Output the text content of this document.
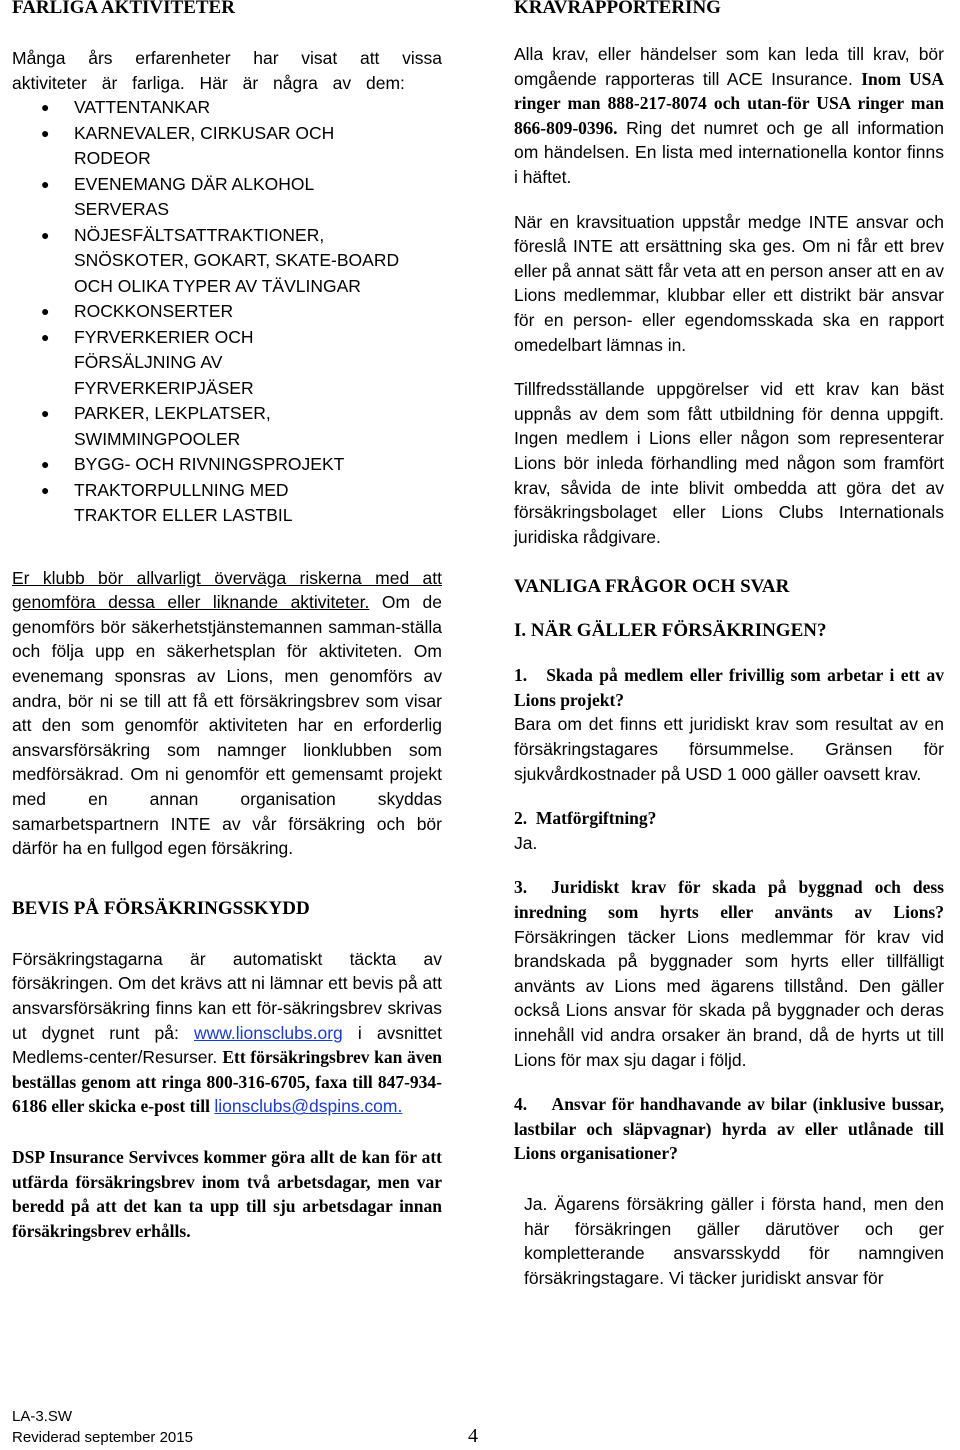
FARLIGA AKTIVITETER

Många års erfarenheter har visat att vissa aktiviteter är farliga. Här är några av dem:

● VATTENTANKAR
● KARNEVALER, CIRKUSAR OCH RODEOR
● EVENEMANG DÄR ALKOHOL SERVERAS
● NÖJESFÄLTSATTRAKTIONER, SNÖSKOTER, GOKART, SKATE-BOARD OCH OLIKA TYPER AV TÄVLINGAR
● ROCKKONSERTER
● FYRVERKERIER OCH FÖRSÄLJNING AV FYRVERKERIPJÄSER
● PARKER, LEKPLATSER, SWIMMINGPOOLER
● BYGG- OCH RIVNINGSPROJEKT
● TRAKTORPULLNING MED TRAKTOR ELLER LASTBIL

Er klubb bör allvarligt överväga riskerna med att genomföra dessa eller liknande aktiviteter. Om de genomförs bör säkerhetstjänstemannen samman-ställa och följa upp en säkerhetsplan för aktiviteten. Om evenemang sponsras av Lions, men genomförs av andra, bör ni se till att få ett försäkringsbrev som visar att den som genomför aktiviteten har en erforderlig ansvarsförsäkring som namnger lionklubben som medförsäkrad. Om ni genomför ett gemensamt projekt med en annan organisation skyddas samarbetspartnern INTE av vår försäkring och bör därför ha en fullgod egen försäkring.

BEVIS PÅ FÖRSÄKRINGSSKYDD

Försäkringstagarna är automatiskt täckta av försäkringen. Om det krävs att ni lämnar ett bevis på att ansvarsförsäkring finns kan ett för-säkringsbrev skrivas ut dygnet runt på: www.lionsclubs.org i avsnittet Medlems-center/Resurser. Ett försäkringsbrev kan även beställas genom att ringa 800-316-6705, faxa till 847-934-6186 eller skicka e-post till lionsclubs@dspins.com.

DSP Insurance Servivces kommer göra allt de kan för att utfärda försäkringsbrev inom två arbetsdagar, men var beredd på att det kan ta upp till sju arbetsdagar innan försäkringsbrev erhålls.

KRAVRAPPORTERING

Alla krav, eller händelser som kan leda till krav, bör omgående rapporteras till ACE Insurance. Inom USA ringer man 888-217-8074 och utan-för USA ringer man 866-809-0396. Ring det numret och ge all information om händelsen. En lista med internationella kontor finns i häftet.

När en kravsituation uppstår medge INTE ansvar och föreslå INTE att ersättning ska ges. Om ni får ett brev eller på annat sätt får veta att en person anser att en av Lions medlemmar, klubbar eller ett distrikt bär ansvar för en person- eller egendomsskada ska en rapport omedelbart lämnas in.

Tillfredsställande uppgörelser vid ett krav kan bäst uppnås av dem som fått utbildning för denna uppgift. Ingen medlem i Lions eller någon som representerar Lions bör inleda förhandling med någon som framfört krav, såvida de inte blivit ombedda att göra det av försäkringsbolaget eller Lions Clubs Internationals juridiska rådgivare.

VANLIGA FRÅGOR OCH SVAR
I. NÄR GÄLLER FÖRSÄKRINGEN?

1.   Skada på medlem eller frivillig som arbetar i ett av Lions projekt?

Bara om det finns ett juridiskt krav som resultat av en försäkringstagares försummelse. Gränsen för sjukvårdkostnader på USD 1 000 gäller oavsett krav.

2.  Matförgiftning?

Ja.

3.  Juridiskt krav för skada på byggnad och dess inredning som hyrts eller använts av Lions? Försäkringen täcker Lions medlemmar för krav vid brandskada på byggnader som hyrts eller tillfälligt använts av Lions med ägarens tillstånd. Den gäller också Lions ansvar för skada på byggnader och deras innehåll vid andra orsaker än brand, då de hyrts ut till Lions för max sju dagar i följd.

4.    Ansvar för handhavande av bilar (inklusive bussar, lastbilar och släpvagnar) hyrda av eller utlånade till Lions organisationer?

Ja. Ägarens försäkring gäller i första hand, men den här försäkringen gäller därutöver och ger kompletterande ansvarsskydd för namngiven försäkringstagare. Vi täcker juridiskt ansvar för

LA-3.SW
Reviderad september 2015	4
